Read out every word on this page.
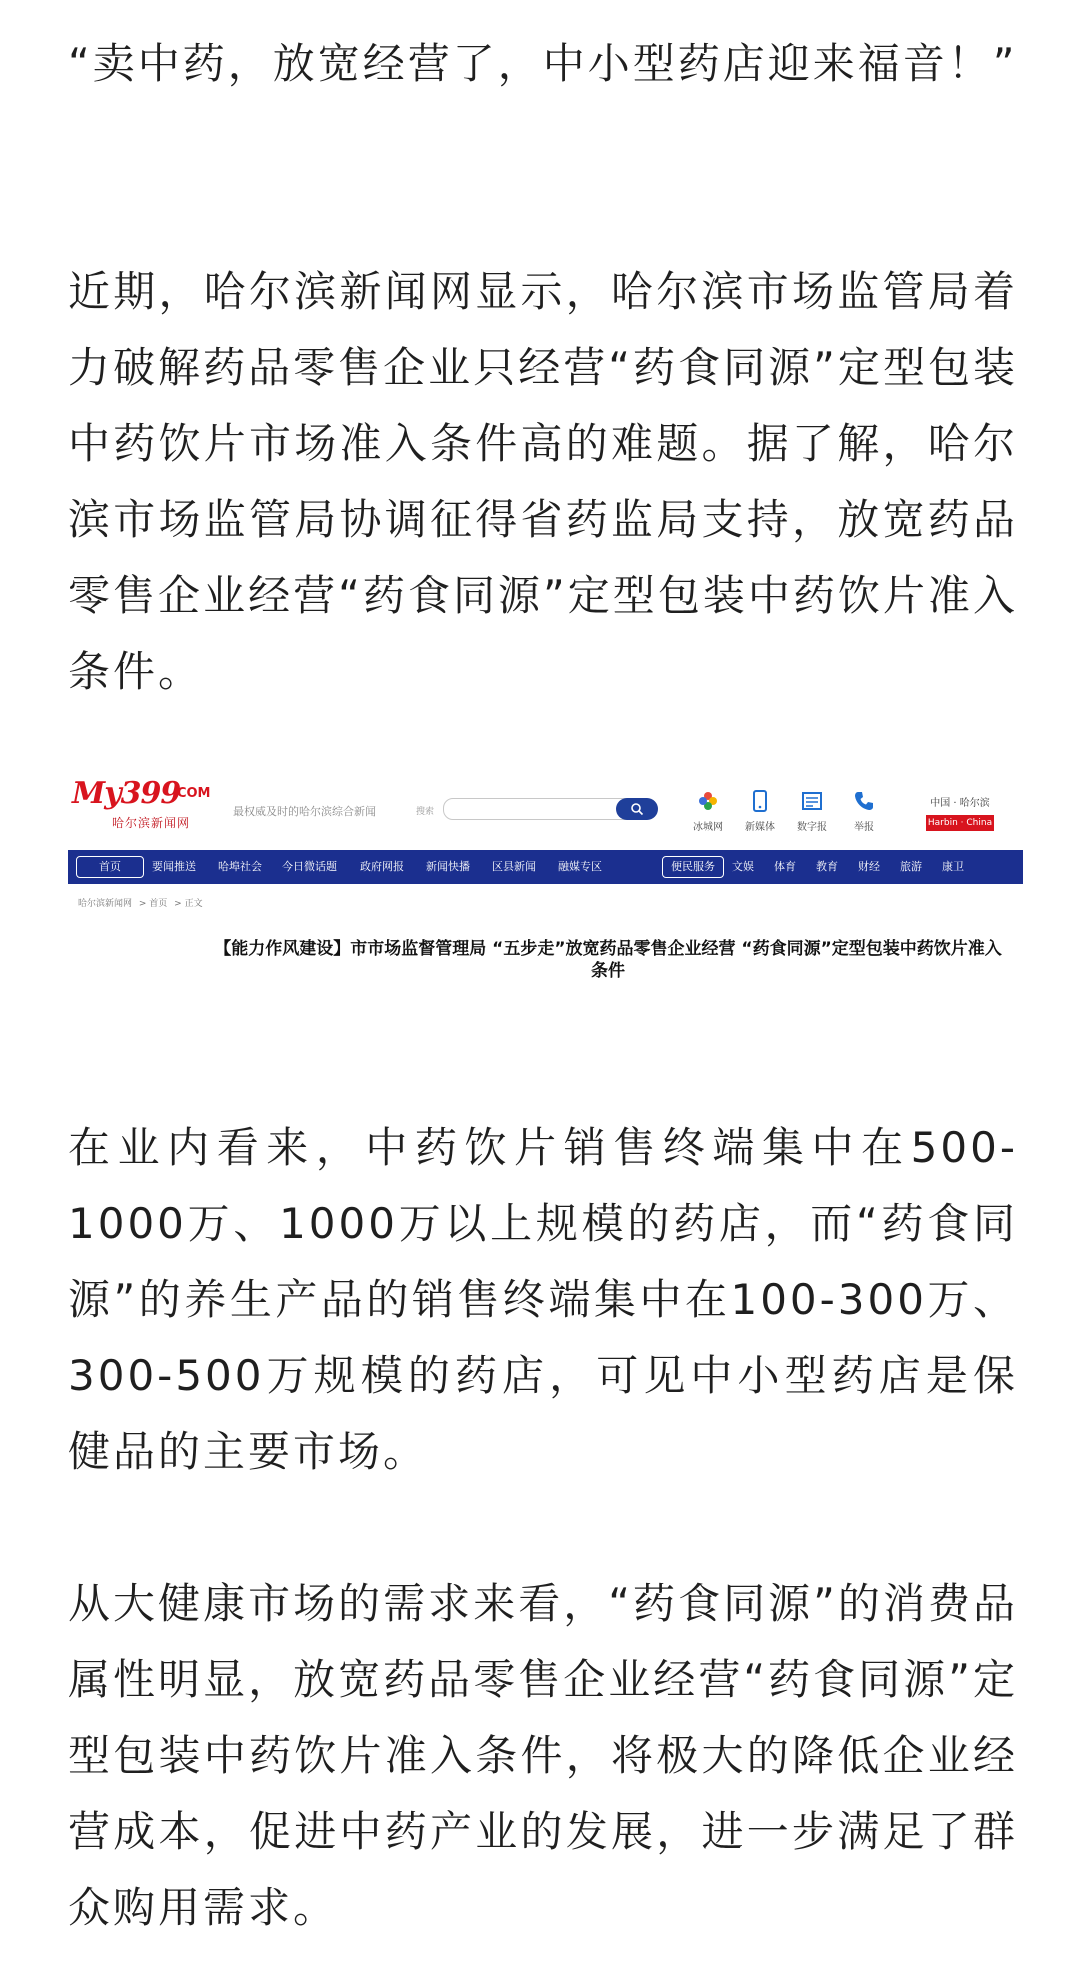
“卖中药，放宽经营了，中小型药店迎来福音！”

近期，哈尔滨新闻网显示，哈尔滨市场监管局着力破解药品零售企业只经营“药食同源”定型包装中药饮片市场准入条件高的难题。据了解，哈尔滨市场监管局协调征得省药监局支持，放宽药品零售企业经营“药食同源”定型包装中药饮片准入条件。

在业内看来，中药饮片销售终端集中在500-1000万、1000万以上规模的药店，而“药食同源”的养生产品的销售终端集中在100-300万、300-500万规模的药店，可见中小型药店是保健品的主要市场。

从大健康市场的需求来看，“药食同源”的消费品属性明显，放宽药品零售企业经营“药食同源”定型包装中药饮片准入条件，将极大的降低企业经营成本，促进中药产业的发展，进一步满足了群众购用需求。

My399
.COM
哈尔滨新闻网
最权威及时的哈尔滨综合新闻	搜索
冰城网	新媒体	数字报	举报
中国 · 哈尔滨
Harbin · China
首页	要闻推送 哈埠社会 今日微话题 政府网报 新闻快播 区县新闻 融媒专区	便民服务	文娱 体育 教育 财经 旅游 康卫
哈尔滨新闻网 > 首页 > 正文
【能力作风建设】市市场监督管理局 “五步走”放宽药品零售企业经营 “药食同源”定型包装中药饮片准入条件
